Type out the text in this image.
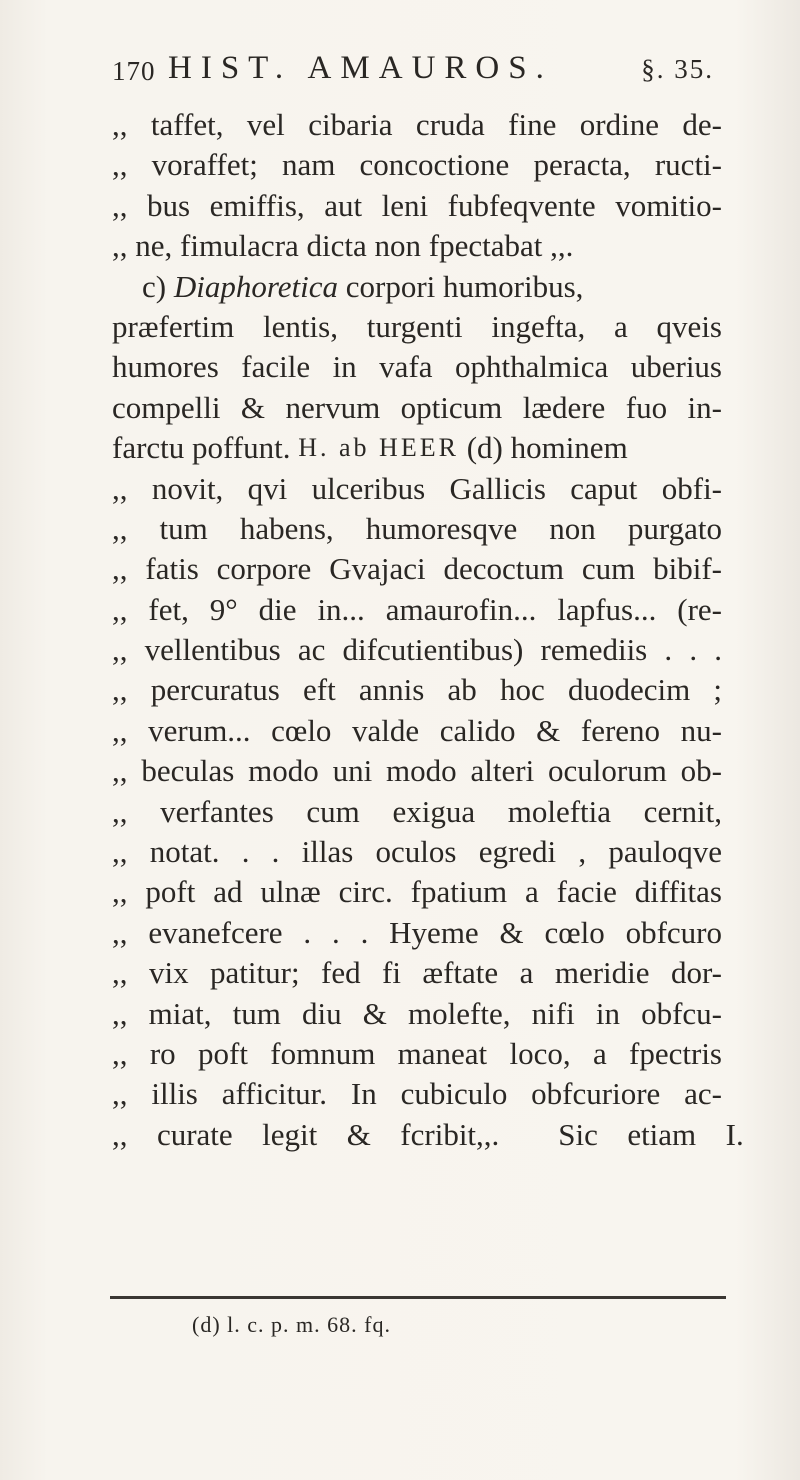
170 HIST. AMAUROS.	§. 35.
,, taffet, vel cibaria cruda fine ordine de-
,, voraffet; nam concoctione peracta, ructi-
,, bus emiffis, aut leni fubfeqvente vomitio-
,, ne, fimulacra dicta non fpectabat ,,.
c) Diaphoretica corpori humoribus,
præfertim lentis, turgenti ingefta, a qveis
humores facile in vafa ophthalmica uberius
compelli & nervum opticum lædere fuo in-
farctu poffunt. H. ab HEER (d) hominem
,, novit, qvi ulceribus Gallicis caput obfi-
,, tum habens, humoresqve non purgato
,, fatis corpore Gvajaci decoctum cum bibif-
,, fet, 9° die in... amaurofin... lapfus... (re-
,, vellentibus ac difcutientibus) remediis . . .
,, percuratus eft annis ab hoc duodecim ;
,, verum... cœlo valde calido & fereno nu-
,, beculas modo uni modo alteri oculorum ob-
,, verfantes cum exigua moleftia cernit,
,, notat. . . illas oculos egredi , pauloqve
,, poft ad ulnæ circ. fpatium a facie diffitas
,, evanefcere . . . Hyeme & cœlo obfcuro
,, vix patitur; fed fi æftate a meridie dor-
,, miat, tum diu & molefte, nifi in obfcu-
,, ro poft fomnum maneat loco, a fpectris
,, illis afficitur. In cubiculo obfcuriore ac-
,, curate legit & fcribit,,.  Sic etiam I.
(d) l. c. p. m. 68. fq.
